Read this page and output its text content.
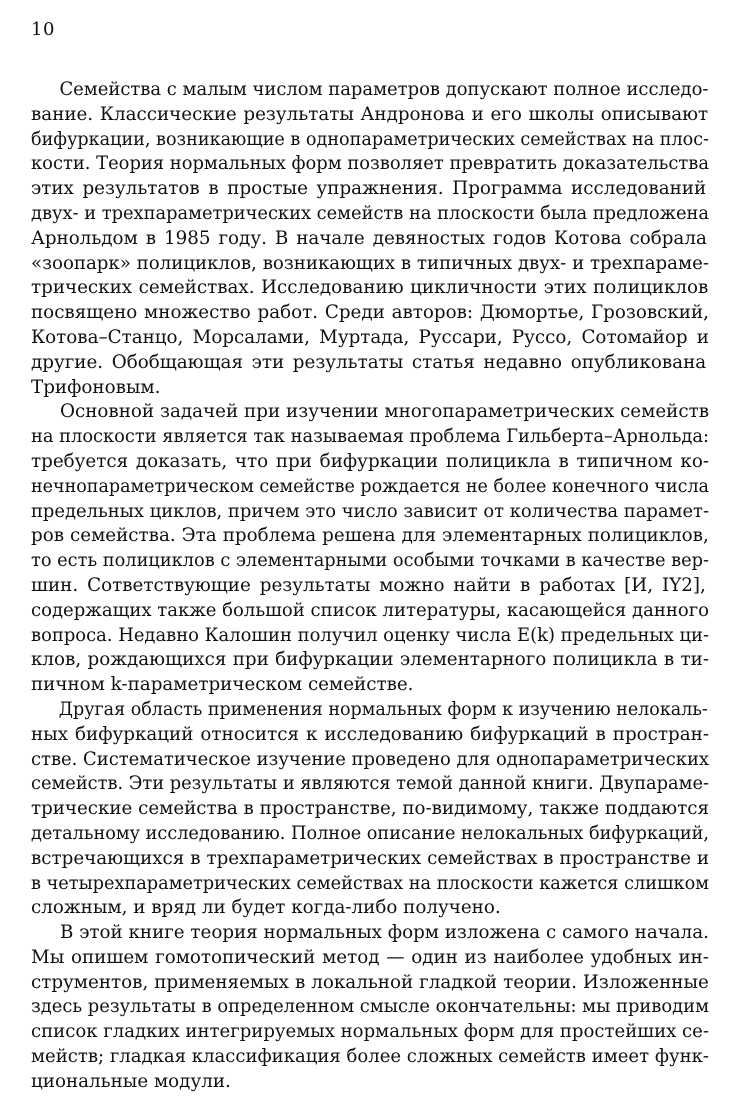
10
Семейства с малым числом параметров допускают полное исследо-
вание. Классические результаты Андронова и его школы описывают
бифуркации, возникающие в однопараметрических семействах на плос-
кости. Теория нормальных форм позволяет превратить доказательства
этих результатов в простые упражнения. Программа исследований
двух- и трехпараметрических семейств на плоскости была предложена
Арнольдом в 1985 году. В начале девяностых годов Котова собрала
«зоопарк» полициклов, возникающих в типичных двух- и трехпараме-
трических семействах. Исследованию цикличности этих полициклов
посвящено множество работ. Среди авторов: Дюмортье, Грозовский,
Котова–Станцо, Морсалами, Муртада, Руссари, Руссо, Сотомайор и
другие. Обобщающая эти результаты статья недавно опубликована
Трифоновым.
Основной задачей при изучении многопараметрических семейств
на плоскости является так называемая проблема Гильберта–Арнольда:
требуется доказать, что при бифуркации полицикла в типичном ко-
нечнопараметрическом семействе рождается не более конечного числа
предельных циклов, причем это число зависит от количества парамет-
ров семейства. Эта проблема решена для элементарных полициклов,
то есть полициклов с элементарными особыми точками в качестве вер-
шин. Сответствующие результаты можно найти в работах [И, IY2],
содержащих также большой список литературы, касающейся данного
вопроса. Недавно Калошин получил оценку числа E(k) предельных ци-
клов, рождающихся при бифуркации элементарного полицикла в ти-
пичном k-параметрическом семействе.
Другая область применения нормальных форм к изучению нелокаль-
ных бифуркаций относится к исследованию бифуркаций в простран-
стве. Систематическое изучение проведено для однопараметрических
семейств. Эти результаты и являются темой данной книги. Двупараме-
трические семейства в пространстве, по-видимому, также поддаются
детальному исследованию. Полное описание нелокальных бифуркаций,
встречающихся в трехпараметрических семействах в пространстве и
в четырехпараметрических семействах на плоскости кажется слишком
сложным, и вряд ли будет когда-либо получено.
В этой книге теория нормальных форм изложена с самого начала.
Мы опишем гомотопический метод — один из наиболее удобных ин-
струментов, применяемых в локальной гладкой теории. Изложенные
здесь результаты в определенном смысле окончательны: мы приводим
список гладких интегрируемых нормальных форм для простейших се-
мейств; гладкая классификация более сложных семейств имеет функ-
циональные модули.
